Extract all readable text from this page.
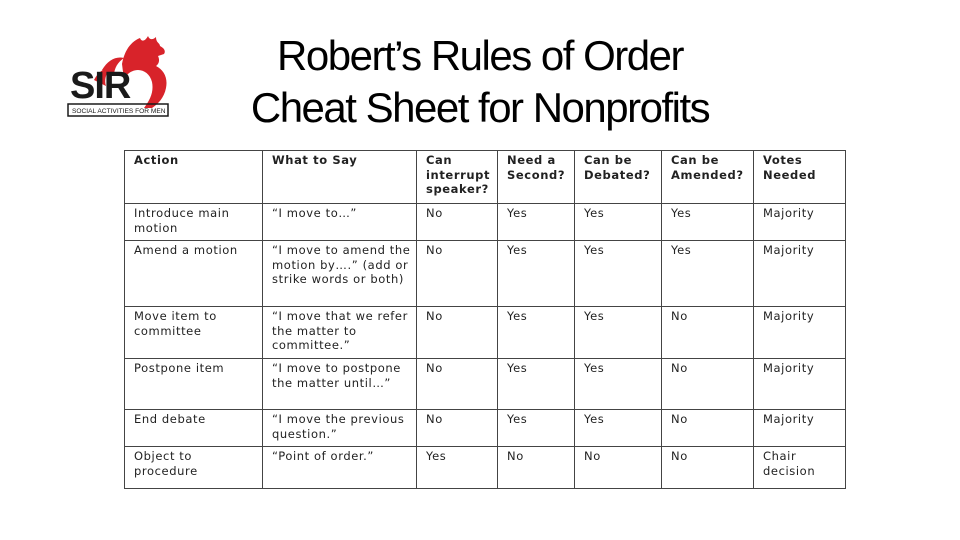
SIR
SOCIAL ACTIVITIES FOR MEN
Robert’s Rules of Order
Cheat Sheet for Nonprofits
Action	What to Say	Can interrupt speaker?	Need a Second?	Can be Debated?	Can be Amended?	Votes Needed
Introduce main motion	“I move to…”	No	Yes	Yes	Yes	Majority
Amend a motion	“I move to amend the motion by….” (add or strike words or both)	No	Yes	Yes	Yes	Majority
Move item to committee	“I move that we refer the matter to committee.”	No	Yes	Yes	No	Majority
Postpone item	“I move to postpone the matter until…”	No	Yes	Yes	No	Majority
End debate	“I move the previous question.”	No	Yes	Yes	No	Majority
Object to procedure	“Point of order.”	Yes	No	No	No	Chair decision
